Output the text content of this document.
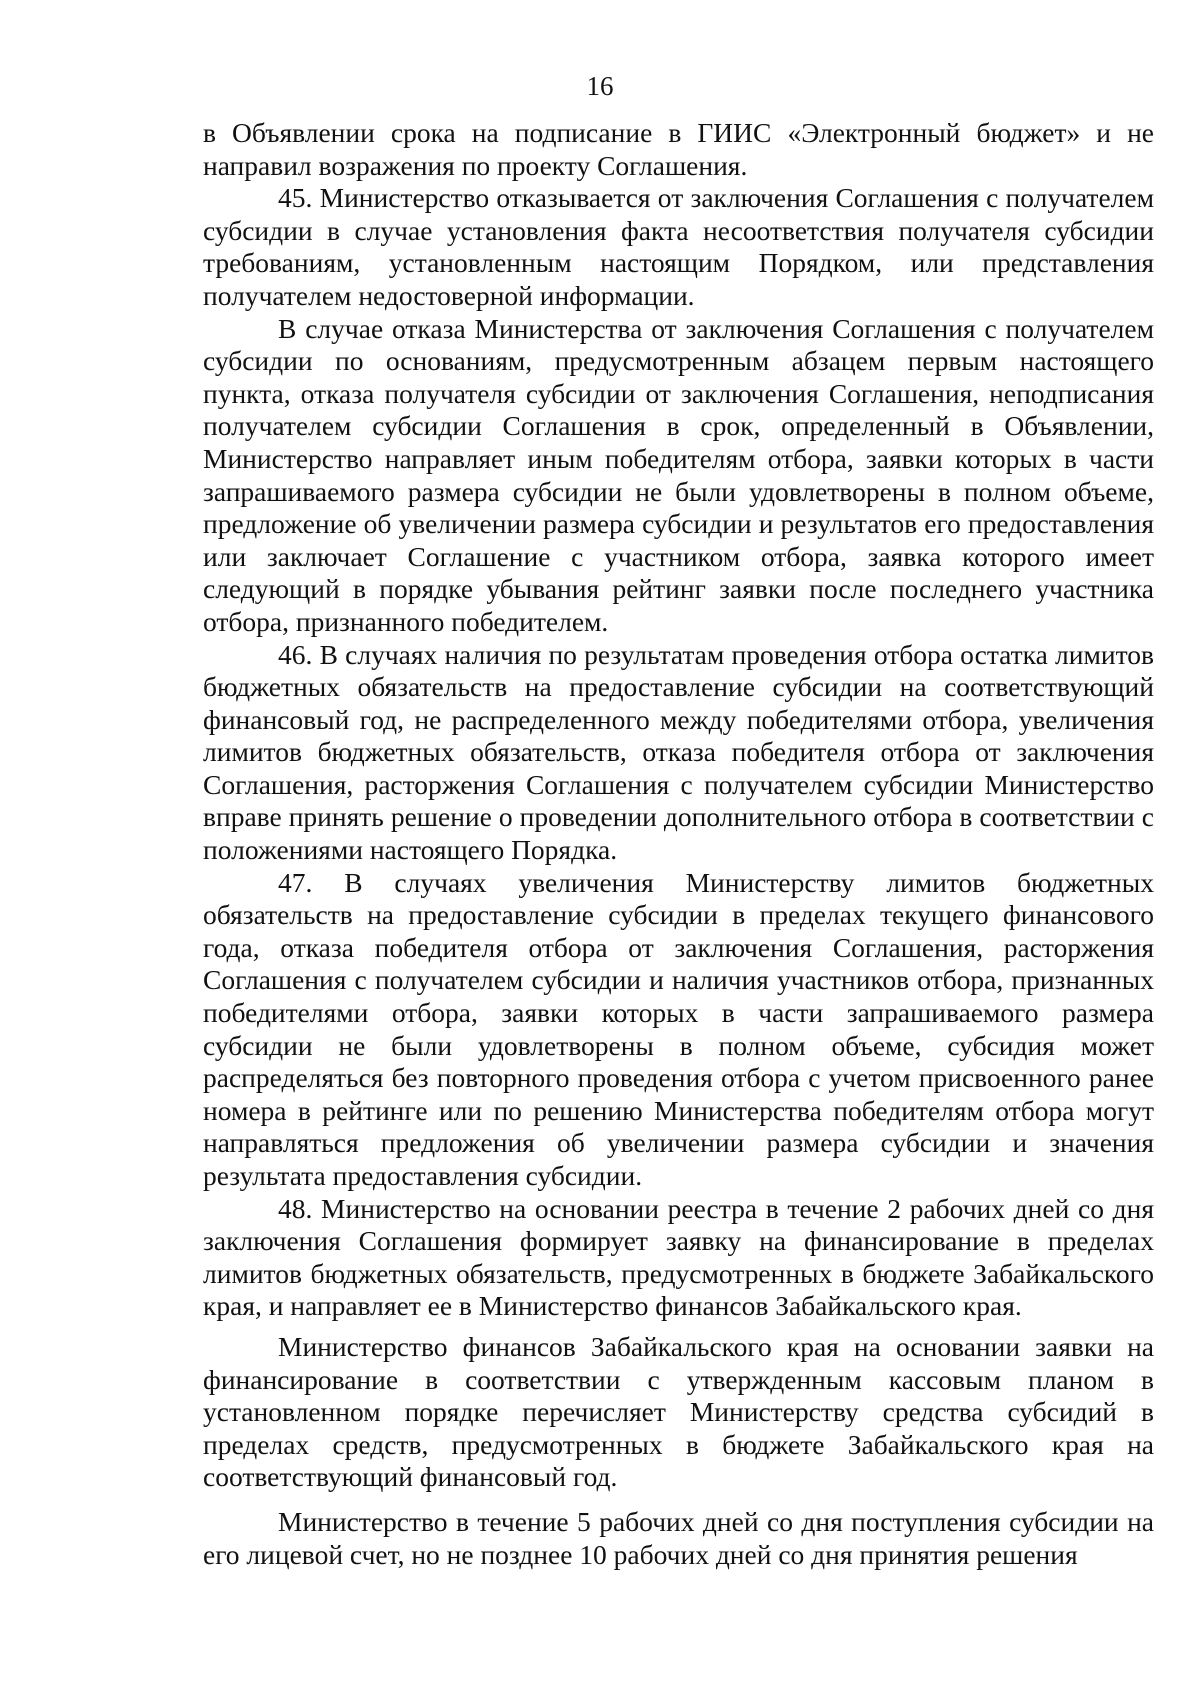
16

в Объявлении срока на подписание в ГИИС «Электронный бюджет» и не направил возражения по проекту Соглашения.

45. Министерство отказывается от заключения Соглашения с получателем субсидии в случае установления факта несоответствия получателя субсидии требованиям, установленным настоящим Порядком, или представления получателем недостоверной информации.

В случае отказа Министерства от заключения Соглашения с получателем субсидии по основаниям, предусмотренным абзацем первым настоящего пункта, отказа получателя субсидии от заключения Соглашения, неподписания получателем субсидии Соглашения в срок, определенный в Объявлении, Министерство направляет иным победителям отбора, заявки которых в части запрашиваемого размера субсидии не были удовлетворены в полном объеме, предложение об увеличении размера субсидии и результатов его предоставления или заключает Соглашение с участником отбора, заявка которого имеет следующий в порядке убывания рейтинг заявки после последнего участника отбора, признанного победителем.

46. В случаях наличия по результатам проведения отбора остатка лимитов бюджетных обязательств на предоставление субсидии на соответствующий финансовый год, не распределенного между победителями отбора, увеличения лимитов бюджетных обязательств, отказа победителя отбора от заключения Соглашения, расторжения Соглашения с получателем субсидии Министерство вправе принять решение о проведении дополнительного отбора в соответствии с положениями настоящего Порядка.

47. В случаях увеличения Министерству лимитов бюджетных обязательств на предоставление субсидии в пределах текущего финансового года, отказа победителя отбора от заключения Соглашения, расторжения Соглашения с получателем субсидии и наличия участников отбора, признанных победителями отбора, заявки которых в части запрашиваемого размера субсидии не были удовлетворены в полном объеме, субсидия может распределяться без повторного проведения отбора с учетом присвоенного ранее номера в рейтинге или по решению Министерства победителям отбора могут направляться предложения об увеличении размера субсидии и значения результата предоставления субсидии.

48. Министерство на основании реестра в течение 2 рабочих дней со дня заключения Соглашения формирует заявку на финансирование в пределах лимитов бюджетных обязательств, предусмотренных в бюджете Забайкальского края, и направляет ее в Министерство финансов Забайкальского края.

Министерство финансов Забайкальского края на основании заявки на финансирование в соответствии с утвержденным кассовым планом в установленном порядке перечисляет Министерству средства субсидий в пределах средств, предусмотренных в бюджете Забайкальского края на соответствующий финансовый год.

Министерство в течение 5 рабочих дней со дня поступления субсидии на его лицевой счет, но не позднее 10 рабочих дней со дня принятия решения
